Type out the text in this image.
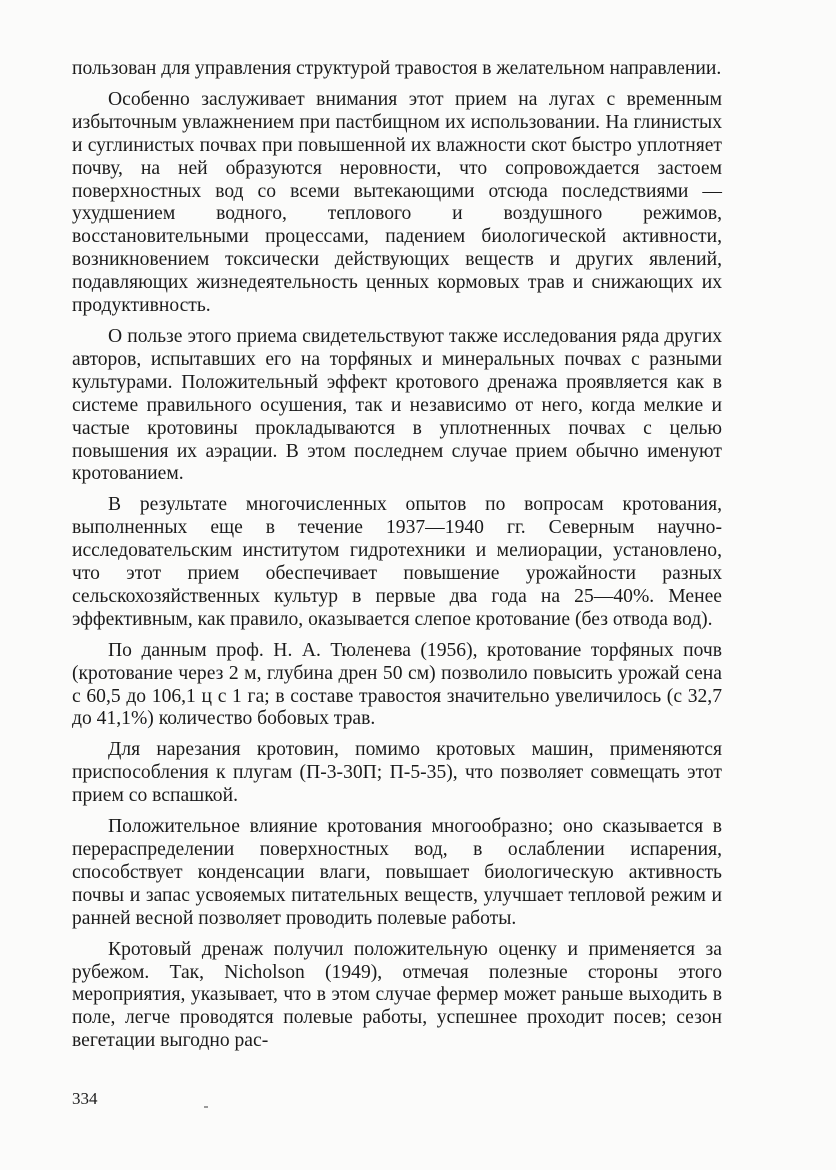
пользован для управления структурой травостоя в желательном направлении.

Особенно заслуживает внимания этот прием на лугах с временным избыточным увлажнением при пастбищном их использовании. На глинистых и суглинистых почвах при повышенной их влажности скот быстро уплотняет почву, на ней образуются неровности, что сопровождается застоем поверхностных вод со всеми вытекающими отсюда последствиями — ухудшением водного, теплового и воздушного режимов, восстановительными процессами, падением биологической активности, возникновением токсически действующих веществ и других явлений, подавляющих жизнедеятельность ценных кормовых трав и снижающих их продуктивность.

О пользе этого приема свидетельствуют также исследования ряда других авторов, испытавших его на торфяных и минеральных почвах с разными культурами. Положительный эффект кротового дренажа проявляется как в системе правильного осушения, так и независимо от него, когда мелкие и частые кротовины прокладываются в уплотненных почвах с целью повышения их аэрации. В этом последнем случае прием обычно именуют кротованием.

В результате многочисленных опытов по вопросам кротования, выполненных еще в течение 1937—1940 гг. Северным научно-исследовательским институтом гидротехники и мелиорации, установлено, что этот прием обеспечивает повышение урожайности разных сельскохозяйственных культур в первые два года на 25—40%. Менее эффективным, как правило, оказывается слепое кротование (без отвода вод).

По данным проф. Н. А. Тюленева (1956), кротование торфяных почв (кротование через 2 м, глубина дрен 50 см) позволило повысить урожай сена с 60,5 до 106,1 ц с 1 га; в составе травостоя значительно увеличилось (с 32,7 до 41,1%) количество бобовых трав.

Для нарезания кротовин, помимо кротовых машин, применяются приспособления к плугам (П-3-30П; П-5-35), что позволяет совмещать этот прием со вспашкой.

Положительное влияние кротования многообразно; оно сказывается в перераспределении поверхностных вод, в ослаблении испарения, способствует конденсации влаги, повышает биологическую активность почвы и запас усвояемых питательных веществ, улучшает тепловой режим и ранней весной позволяет проводить полевые работы.

Кротовый дренаж получил положительную оценку и применяется за рубежом. Так, Nicholson (1949), отмечая полезные стороны этого мероприятия, указывает, что в этом случае фермер может раньше выходить в поле, легче проводятся полевые работы, успешнее проходит посев; сезон вегетации выгодно рас-

334
